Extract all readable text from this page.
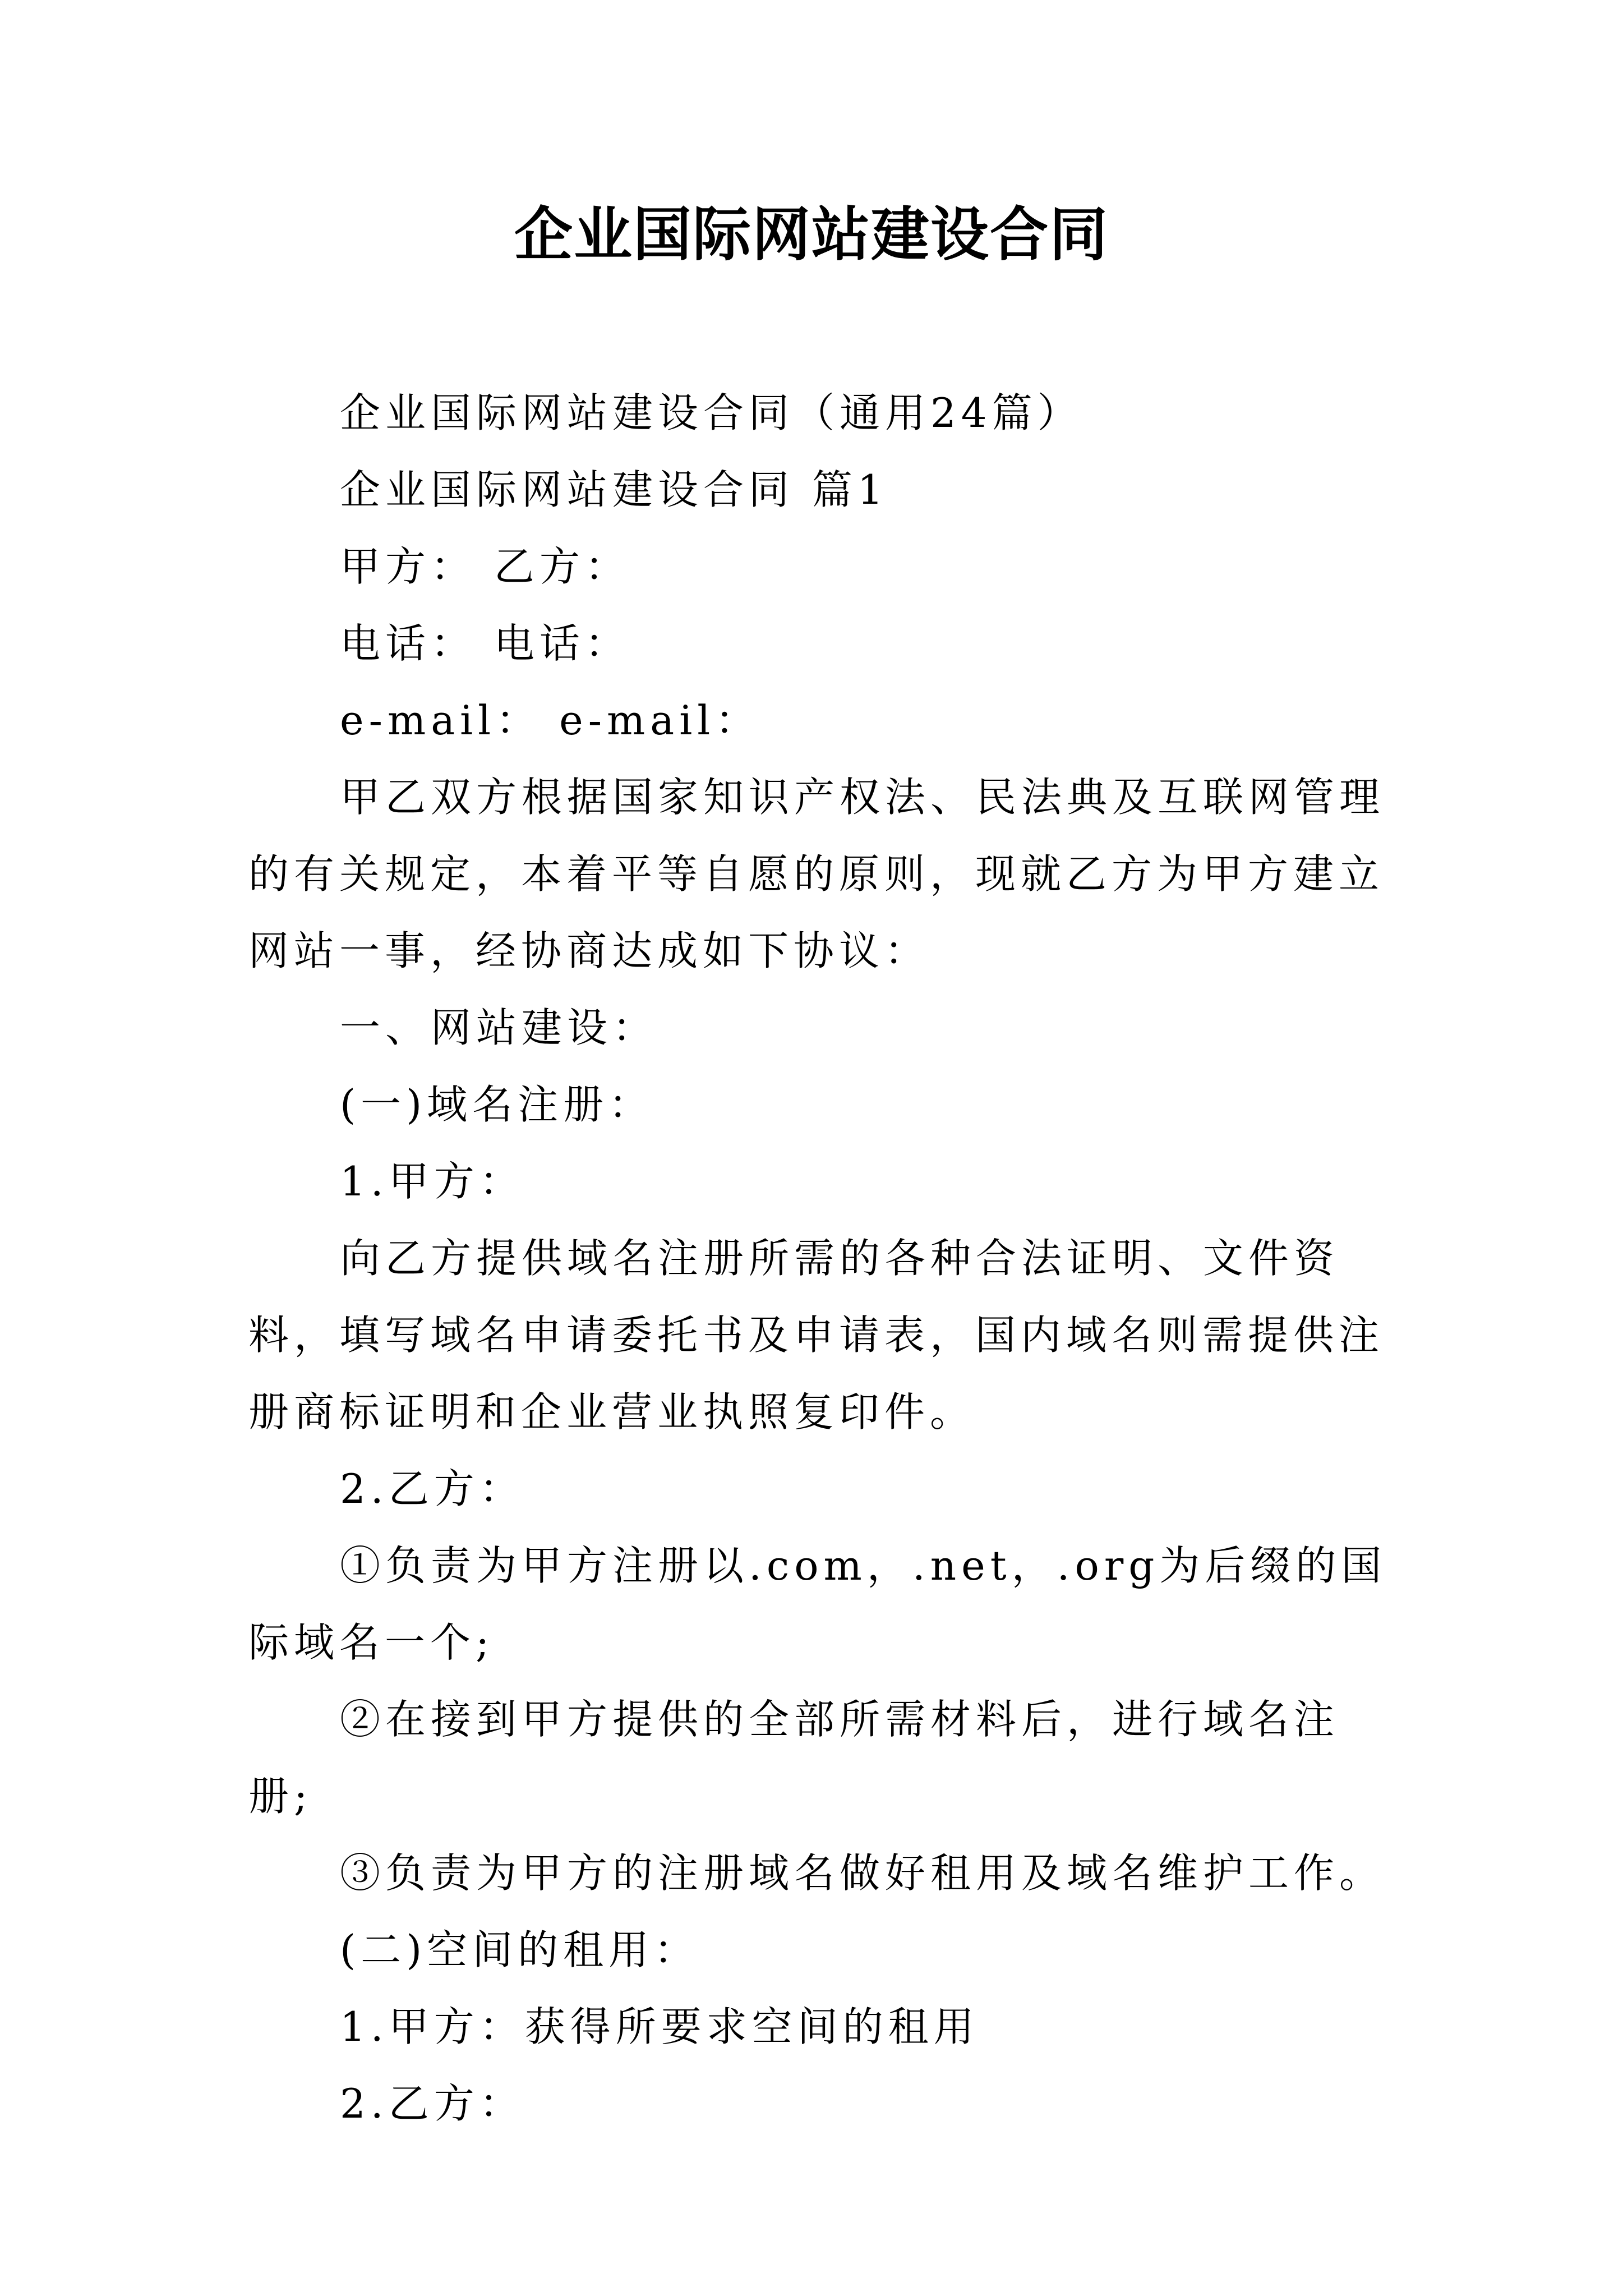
企业国际网站建设合同

企业国际网站建设合同（通用24篇）

企业国际网站建设合同 篇1

甲方： 乙方：

电话： 电话：

e-mail： e-mail：

甲乙双方根据国家知识产权法、民法典及互联网管理的有关规定，本着平等自愿的原则，现就乙方为甲方建立网站一事，经协商达成如下协议：

一、网站建设：

(一)域名注册：

1.甲方：

向乙方提供域名注册所需的各种合法证明、文件资料，填写域名申请委托书及申请表，国内域名则需提供注册商标证明和企业营业执照复印件。

2.乙方：

①负责为甲方注册以.com，.net，.org为后缀的国际域名一个;

②在接到甲方提供的全部所需材料后，进行域名注册;

③负责为甲方的注册域名做好租用及域名维护工作。

(二)空间的租用：

1.甲方：获得所要求空间的租用

2.乙方：
